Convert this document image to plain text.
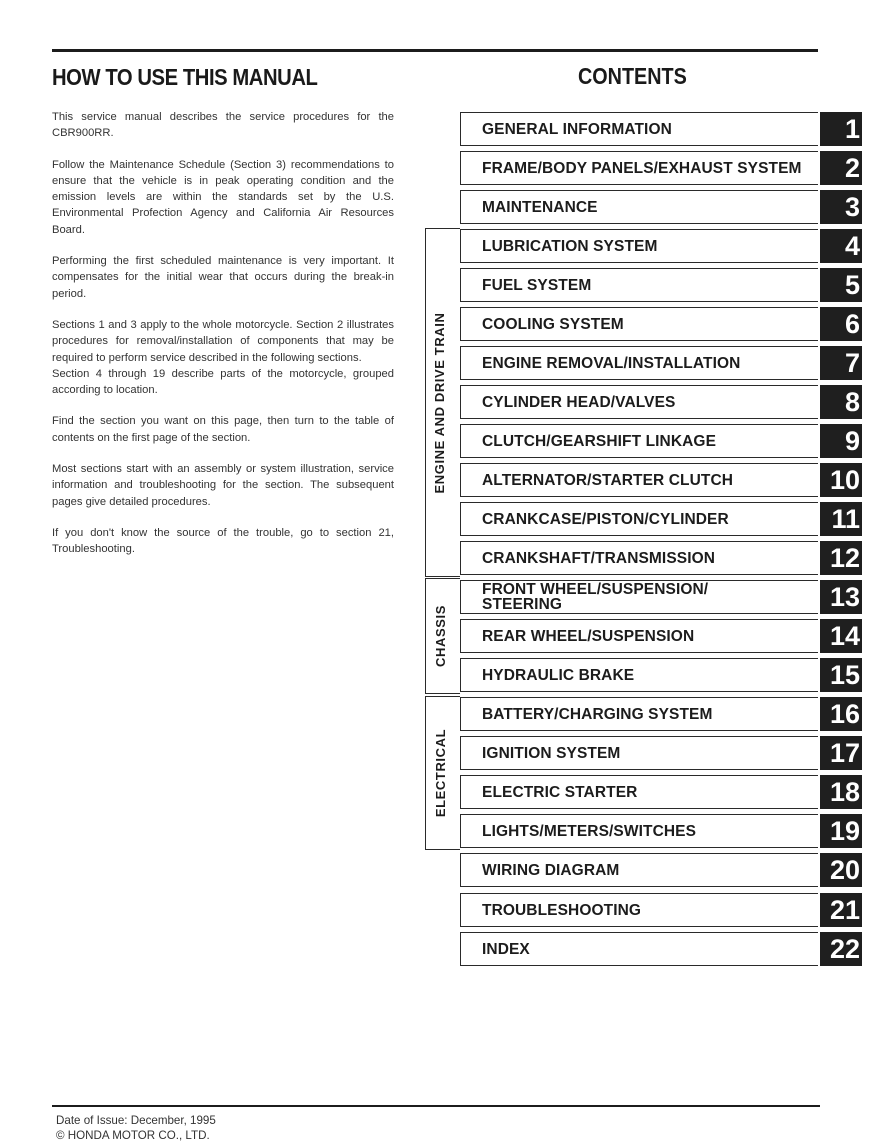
HOW TO USE THIS MANUAL	CONTENTS

This service manual describes the service procedures for the CBR900RR.

Follow the Maintenance Schedule (Section 3) recommendations to ensure that the vehicle is in peak operating condition and the emission levels are within the standards set by the U.S. Environmental Profection Agency and California Air Resources Board.

Performing the first scheduled maintenance is very important. It compensates for the initial wear that occurs during the break-in period.

Sections 1 and 3 apply to the whole motorcycle. Section 2 illustrates procedures for removal/installation of components that may be required to perform service described in the following sections.

Section 4 through 19 describe parts of the motorcycle, grouped according to location.

Find the section you want on this page, then turn to the table of contents on the first page of the section.

Most sections start with an assembly or system illustration, service information and troubleshooting for the section. The subsequent pages give detailed procedures.

If you don't know the source of the trouble, go to section 21, Troubleshooting.

ENGINE AND DRIVE TRAIN
CHASSIS
ELECTRICAL
GENERAL INFORMATION	1
FRAME/BODY PANELS/EXHAUST SYSTEM	2
MAINTENANCE	3
LUBRICATION SYSTEM	4
FUEL SYSTEM	5
COOLING SYSTEM	6
ENGINE REMOVAL/INSTALLATION	7
CYLINDER HEAD/VALVES	8
CLUTCH/GEARSHIFT LINKAGE	9
ALTERNATOR/STARTER CLUTCH	10
CRANKCASE/PISTON/CYLINDER	11
CRANKSHAFT/TRANSMISSION	12
FRONT WHEEL/SUSPENSION/ STEERING	13
REAR WHEEL/SUSPENSION	14
HYDRAULIC BRAKE	15
BATTERY/CHARGING SYSTEM	16
IGNITION SYSTEM	17
ELECTRIC STARTER	18
LIGHTS/METERS/SWITCHES	19
WIRING DIAGRAM	20
TROUBLESHOOTING	21
INDEX	22
Date of Issue: December, 1995
© HONDA MOTOR CO., LTD.
